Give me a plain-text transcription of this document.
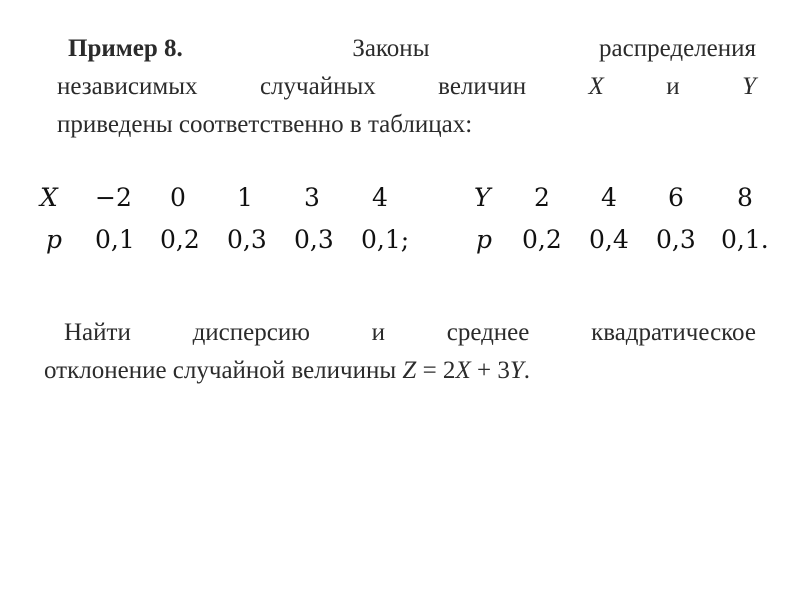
Пример 8.	Законы	распределения
независимых случайных величин X и Y
приведены соответственно в таблицах:
X −2 0 1 3 4
p 0,1 0,2 0,3 0,3 0,1;
Y 2 4 6 8
p 0,2 0,4 0,3 0,1.
Найти дисперсию и среднее квадратическое
отклонение случайной величины Z = 2X + 3Y.
